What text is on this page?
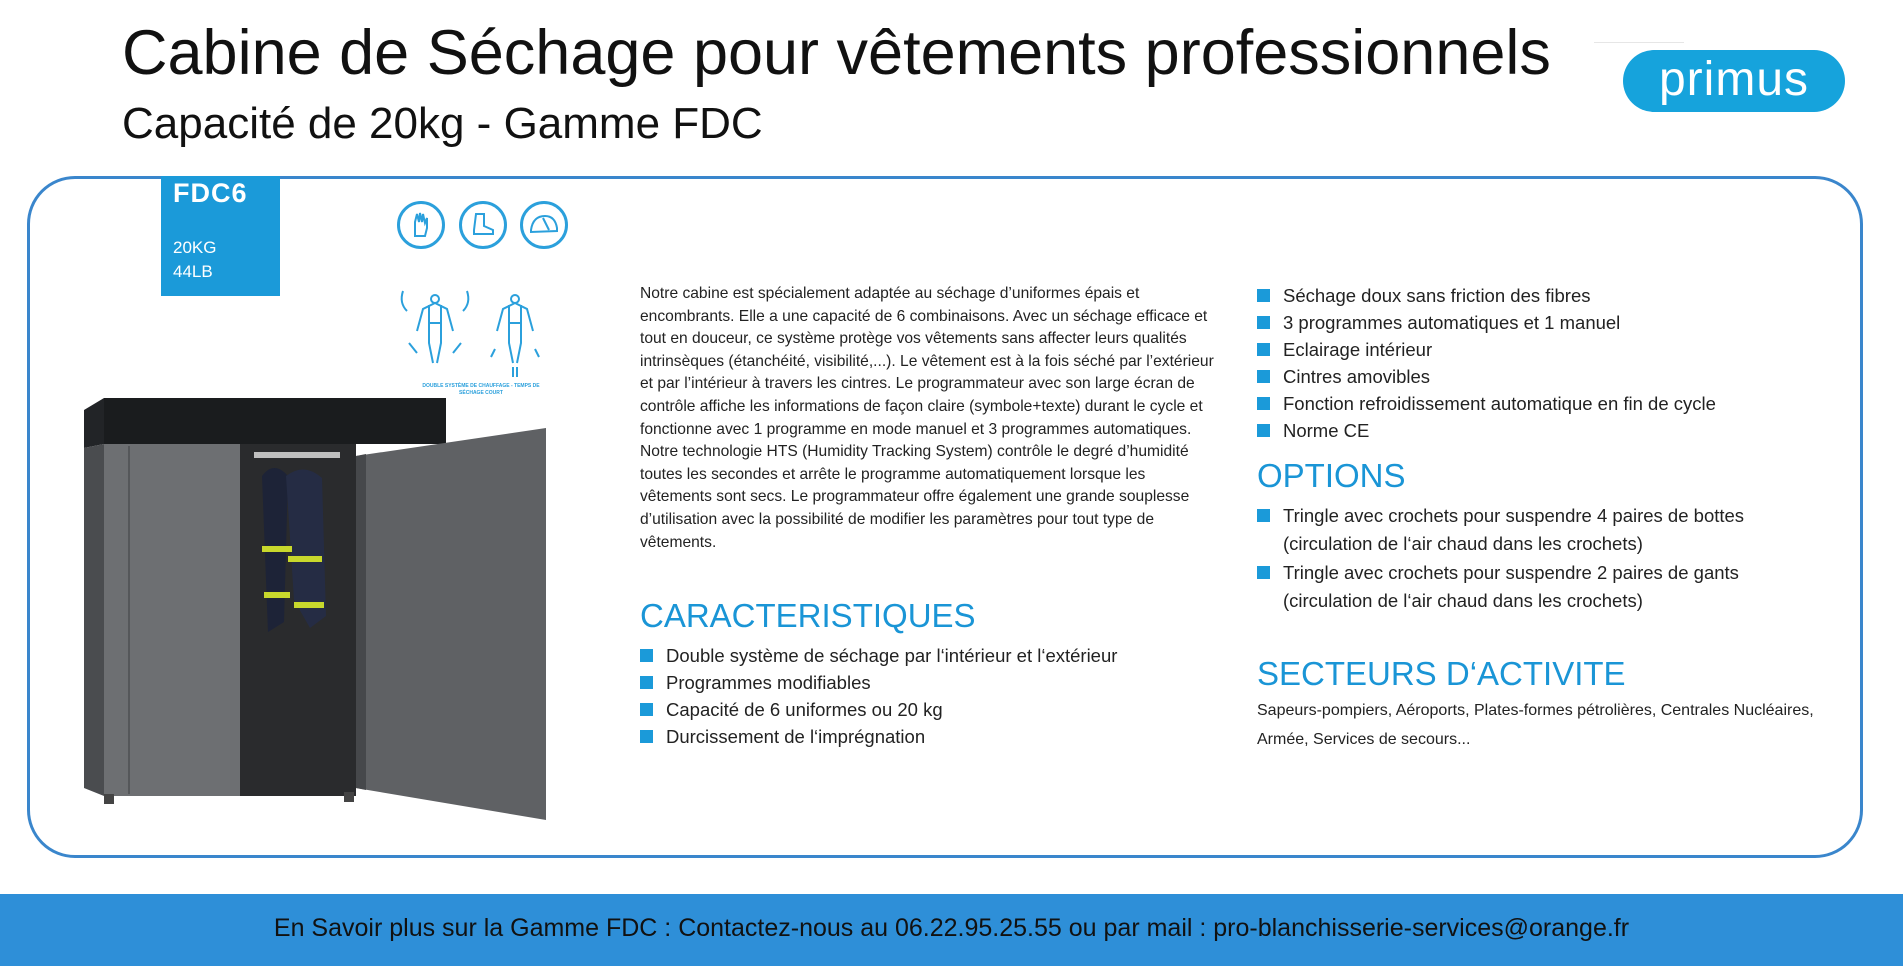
Cabine de Séchage pour vêtements professionnels
Capacité de 20kg - Gamme FDC
primus
FDC6
20KG
44LB
DOUBLE SYSTÈME DE CHAUFFAGE - TEMPS DE SÉCHAGE COURT
Notre cabine est spécialement adaptée au séchage d’uniformes épais et encombrants. Elle a une capacité de 6 combinaisons. Avec un séchage efficace et tout en douceur, ce système protège vos vêtements sans affecter leurs qualités intrinsèques (étanchéité, visibilité,...). Le vêtement est à la fois séché par l’extérieur et par l’intérieur à travers les cintres. Le programmateur avec son large écran de contrôle affiche les informations de façon claire (symbole+texte) durant le cycle et fonctionne avec 1 programme en mode manuel et 3 programmes automatiques. Notre technologie HTS (Humidity Tracking System) contrôle le degré d’humidité toutes les secondes et arrête le programme automatiquement lorsque les vêtements sont secs. Le programmateur offre également une grande souplesse d’utilisation avec la possibilité de modifier les paramètres pour tout type de vêtements.
CARACTERISTIQUES
Double système de séchage par l‘intérieur et l‘extérieur
Programmes modifiables
Capacité de 6 uniformes ou 20 kg
Durcissement de l‘imprégnation
Séchage doux sans friction des fibres
3 programmes automatiques et 1 manuel
Eclairage intérieur
Cintres amovibles
Fonction refroidissement automatique en fin de cycle
Norme CE
OPTIONS
Tringle avec crochets pour suspendre 4 paires de bottes
(circulation de l‘air chaud dans les crochets)
Tringle avec crochets pour suspendre 2 paires de gants
(circulation de l‘air chaud dans les crochets)
SECTEURS D‘ACTIVITE
Sapeurs-pompiers, Aéroports, Plates-formes pétrolières, Centrales Nucléaires, Armée, Services de secours...
En Savoir plus sur la Gamme FDC : Contactez-nous au 06.22.95.25.55 ou par mail : pro-blanchisserie-services@orange.fr
